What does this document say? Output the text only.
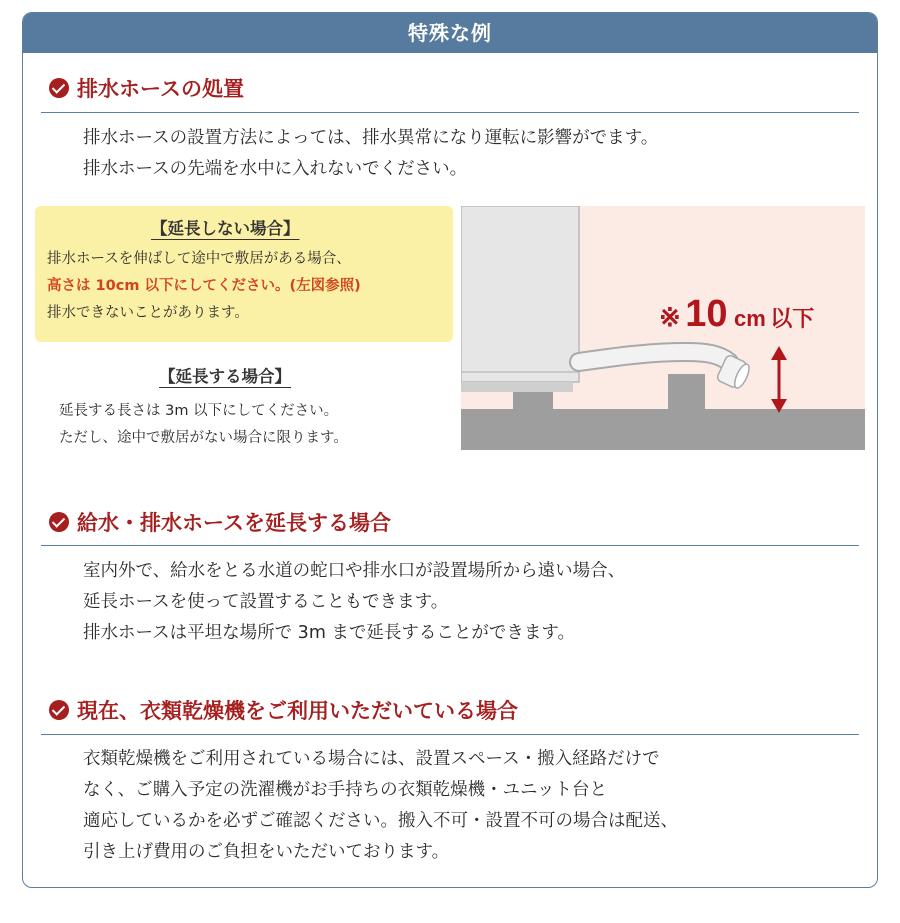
特殊な例
排水ホースの処置
排水ホースの設置方法によっては、排水異常になり運転に影響がでます。
排水ホースの先端を水中に入れないでください。
【延長しない場合】
排水ホースを伸ばして途中で敷居がある場合、
高さは 10cm 以下にしてください。(左図参照)
排水できないことがあります。
【延長する場合】
延長する長さは 3m 以下にしてください。
ただし、途中で敷居がない場合に限ります。
※ 10 cm 以下
給水・排水ホースを延長する場合
室内外で、給水をとる水道の蛇口や排水口が設置場所から遠い場合、
延長ホースを使って設置することもできます。
排水ホースは平坦な場所で 3m まで延長することができます。
現在、衣類乾燥機をご利用いただいている場合
衣類乾燥機をご利用されている場合には、設置スペース・搬入経路だけで
なく、ご購入予定の洗濯機がお手持ちの衣類乾燥機・ユニット台と
適応しているかを必ずご確認ください。搬入不可・設置不可の場合は配送、
引き上げ費用のご負担をいただいております。
